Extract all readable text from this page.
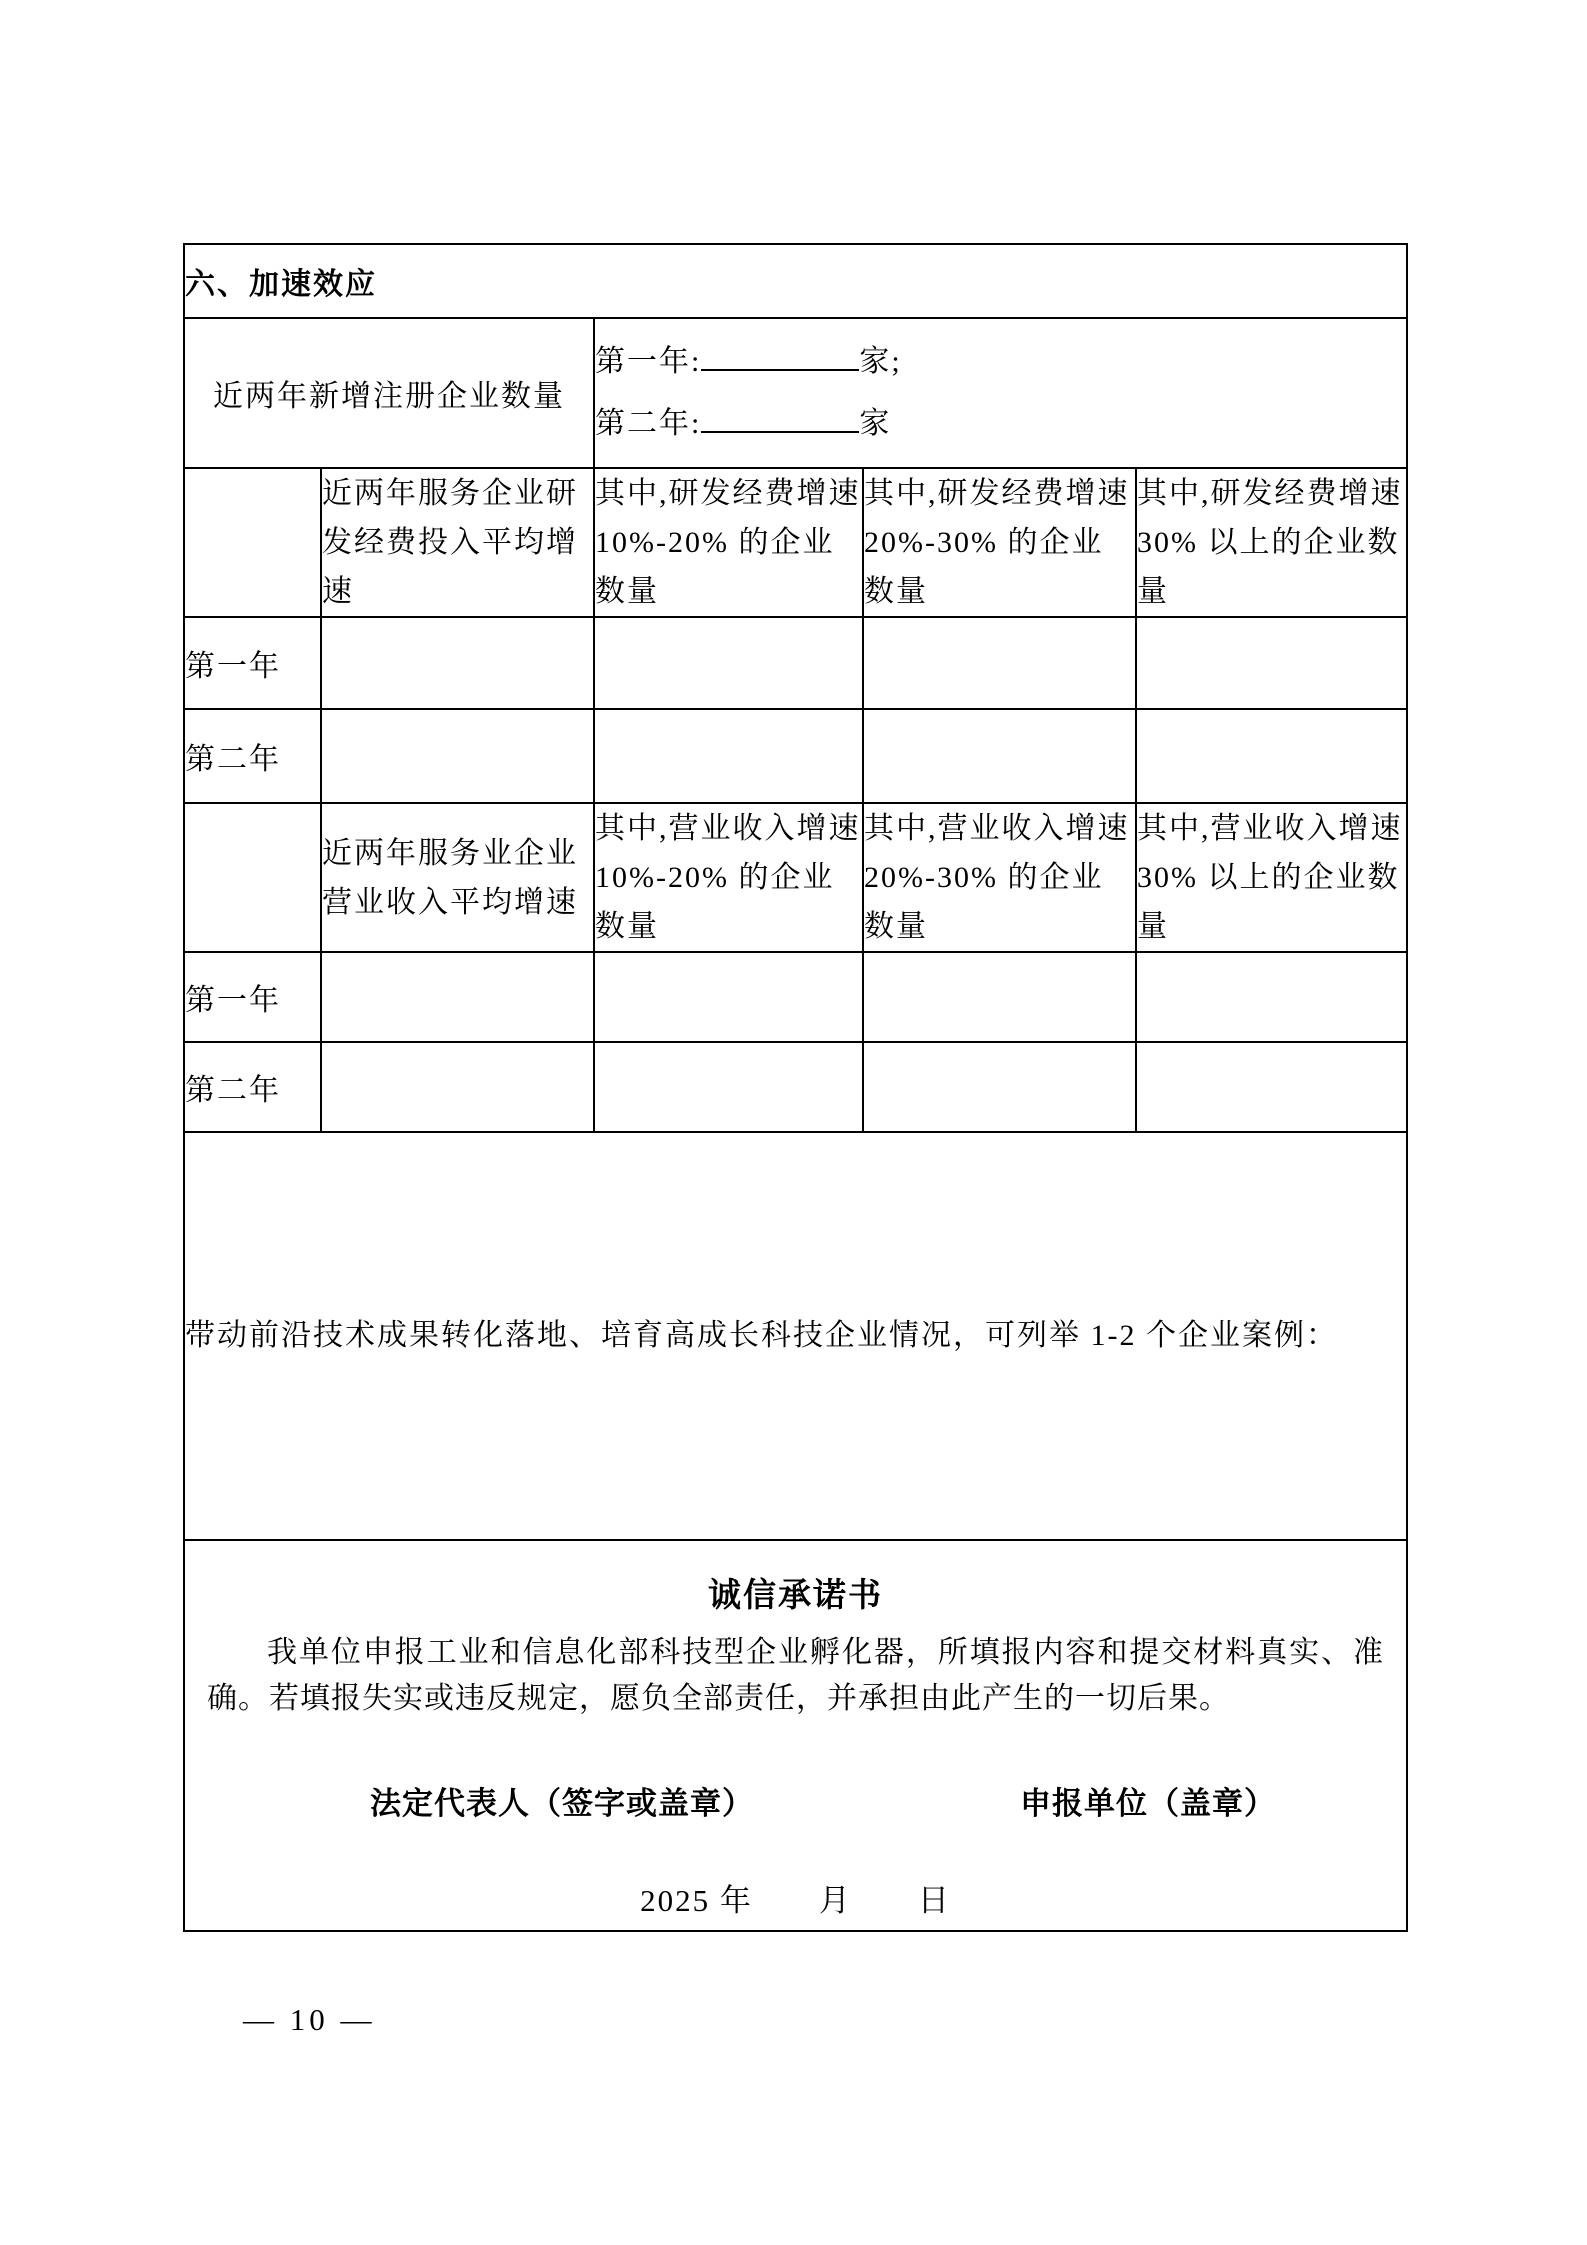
六、加速效应				
近两年新增注册企业数量		第一年: 家;
第二年: 家		

	近两年服务企业研发经费投入平均增速	其中,研发经费增速 10%-20% 的企业数量	其中,研发经费增速 20%-30% 的企业数量	其中,研发经费增速 30% 以上的企业数量
第一年				
第二年				
	近两年服务业企业营业收入平均增速	其中,营业收入增速 10%-20% 的企业数量	其中,营业收入增速 20%-30% 的企业数量	其中,营业收入增速 30% 以上的企业数量
第一年				
第二年				
带动前沿技术成果转化落地、培育高成长科技企业情况，可列举 1-2 个企业案例：				

诚信承诺书
我单位申报工业和信息化部科技型企业孵化器，所填报内容和提交材料真实、准确。若填报失实或违反规定，愿负全部责任，并承担由此产生的一切后果。
法定代表人（签字或盖章） 申报单位（盖章）
2025 年　　月　　日				
— 10 —
